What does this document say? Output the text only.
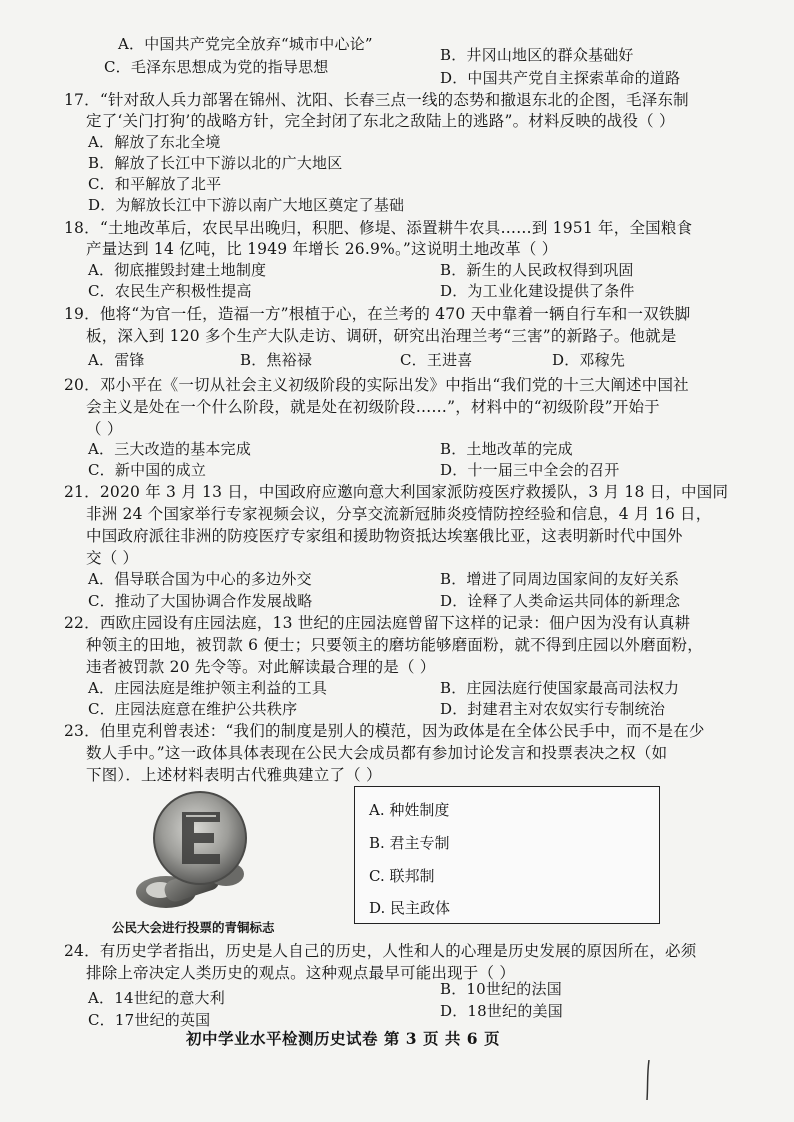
A．中国共产党完全放弃“城市中心论”
B．井冈山地区的群众基础好
C．毛泽东思想成为党的指导思想
D．中国共产党自主探索革命的道路
17．“针对敌人兵力部署在锦州、沈阳、长春三点一线的态势和撤退东北的企图，毛泽东制
定了‘关门打狗’的战略方针，完全封闭了东北之敌陆上的逃路”。材料反映的战役（ ）
A．解放了东北全境
B．解放了长江中下游以北的广大地区
C．和平解放了北平
D．为解放长江中下游以南广大地区奠定了基础
18．“土地改革后，农民早出晚归，积肥、修堤、添置耕牛农具……到 1951 年，全国粮食
产量达到 14 亿吨，比 1949 年增长 26.9%。”这说明土地改革（ ）
A．彻底摧毁封建土地制度	B．新生的人民政权得到巩固
C．农民生产积极性提高	D．为工业化建设提供了条件
19．他将“为官一任，造福一方”根植于心，在兰考的 470 天中靠着一辆自行车和一双铁脚
板，深入到 120 多个生产大队走访、调研，研究出治理兰考“三害”的新路子。他就是
A．雷锋	B．焦裕禄	C．王进喜	D．邓稼先
20．邓小平在《一切从社会主义初级阶段的实际出发》中指出“我们党的十三大阐述中国社
会主义是处在一个什么阶段，就是处在初级阶段……”，材料中的“初级阶段”开始于
（ ）
A．三大改造的基本完成	B．土地改革的完成
C．新中国的成立	D．十一届三中全会的召开
21．2020 年 3 月 13 日，中国政府应邀向意大利国家派防疫医疗救援队，3 月 18 日，中国同
非洲 24 个国家举行专家视频会议，分享交流新冠肺炎疫情防控经验和信息，4 月 16 日，
中国政府派往非洲的防疫医疗专家组和援助物资抵达埃塞俄比亚，这表明新时代中国外
交（ ）
A．倡导联合国为中心的多边外交	B．增进了同周边国家间的友好关系
C．推动了大国协调合作发展战略	D．诠释了人类命运共同体的新理念
22．西欧庄园设有庄园法庭，13 世纪的庄园法庭曾留下这样的记录：佃户因为没有认真耕
种领主的田地，被罚款 6 便士；只要领主的磨坊能够磨面粉，就不得到庄园以外磨面粉，
违者被罚款 20 先令等。对此解读最合理的是（ ）
A．庄园法庭是维护领主利益的工具	B．庄园法庭行使国家最高司法权力
C．庄园法庭意在维护公共秩序	D．封建君主对农奴实行专制统治
23．伯里克利曾表述：“我们的制度是别人的模范，因为政体是在全体公民手中，而不是在少
数人手中。”这一政体具体表现在公民大会成员都有参加讨论发言和投票表决之权（如
下图）．上述材料表明古代雅典建立了（ ）
公民大会进行投票的青铜标志
A. 种姓制度
B. 君主专制
C. 联邦制
D. 民主政体
24．有历史学者指出，历史是人自己的历史，人性和人的心理是历史发展的原因所在，必须
排除上帝决定人类历史的观点。这种观点最早可能出现于（ ）
A．14世纪的意大利	B．10世纪的法国
C．17世纪的英国	D．18世纪的美国
初中学业水平检测历史试卷 第 3 页 共 6 页
